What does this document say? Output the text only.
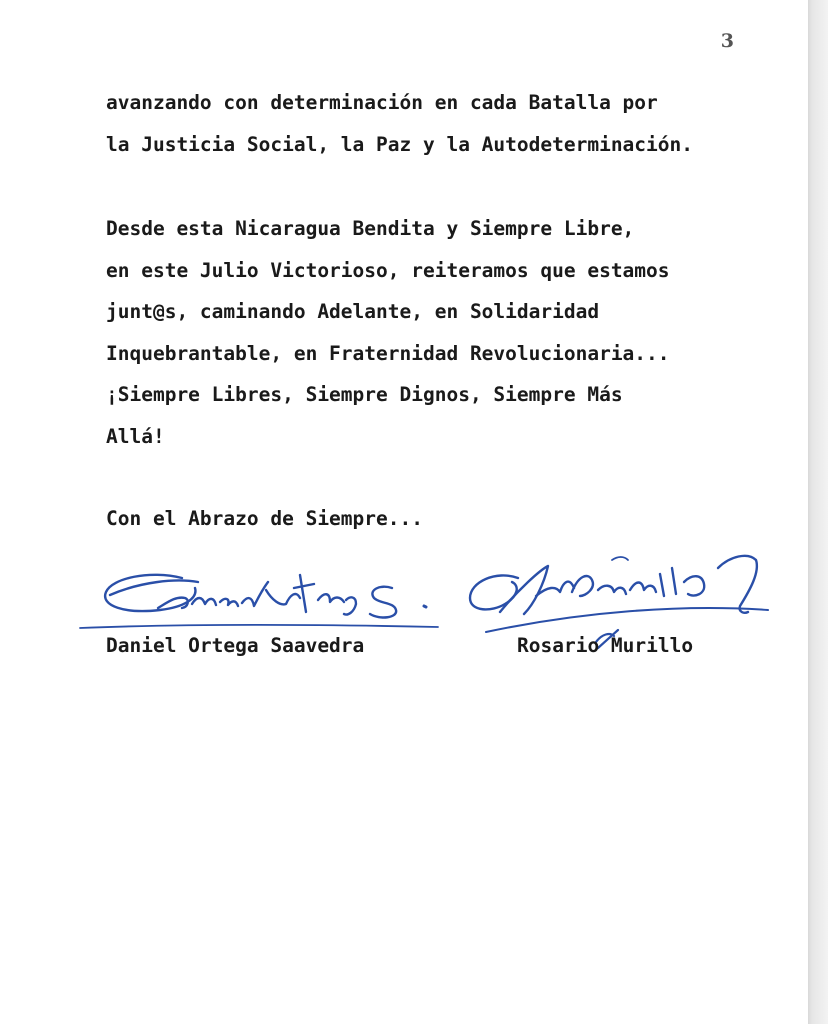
3

avanzando con determinación en cada Batalla por
la Justicia Social, la Paz y la Autodeterminación.

Desde esta Nicaragua Bendita y Siempre Libre,
en este Julio Victorioso, reiteramos que estamos
junt@s, caminando Adelante, en Solidaridad
Inquebrantable, en Fraternidad Revolucionaria...
¡Siempre Libres, Siempre Dignos, Siempre Más
Allá!

Con el Abrazo de Siempre...

Daniel Ortega Saavedra	Rosario Murillo
